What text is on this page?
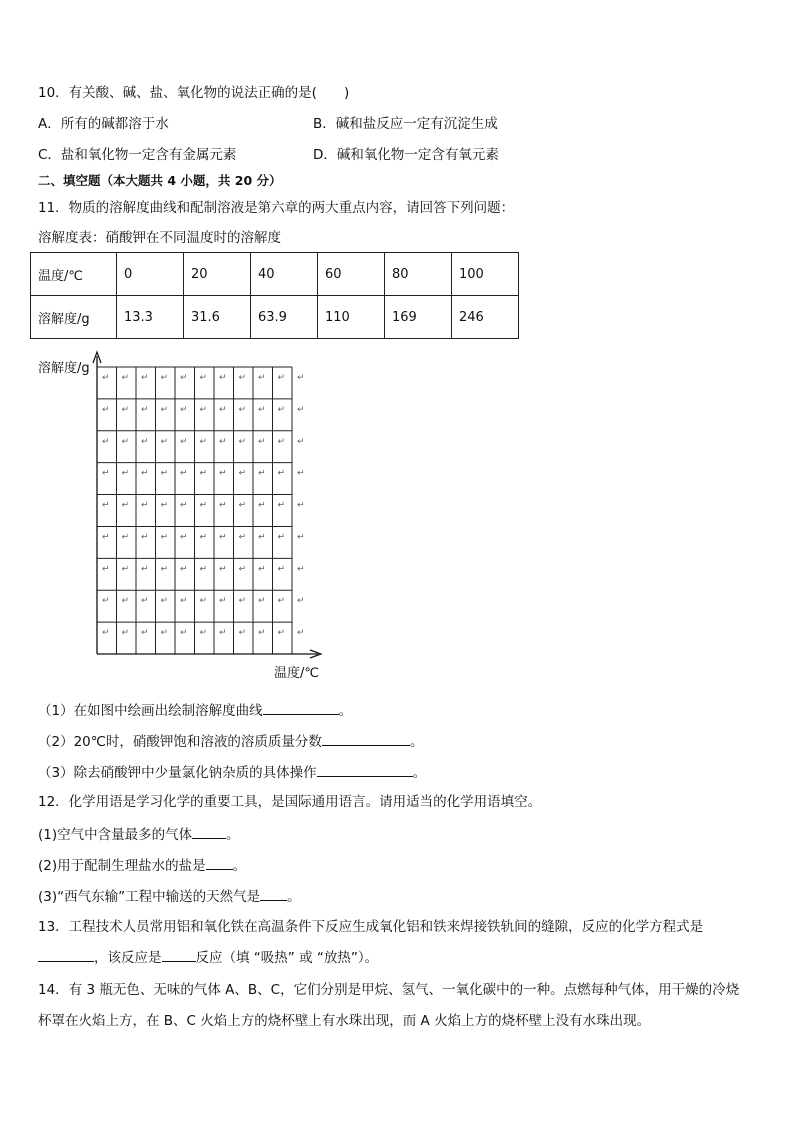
10．有关酸、碱、盐、氧化物的说法正确的是(　　)
A．所有的碱都溶于水	B．碱和盐反应一定有沉淀生成
C．盐和氧化物一定含有金属元素	D．碱和氧化物一定含有氧元素
二、填空题（本大题共 4 小题，共 20 分）
11．物质的溶解度曲线和配制溶液是第六章的两大重点内容，请回答下列问题：
溶解度表：硝酸钾在不同温度时的溶解度
温度/℃	0	20	40	60	80	100
溶解度/g	13.3	31.6	63.9	110	169	246
↵ ↵ ↵ ↵ ↵ ↵ ↵ ↵ ↵ ↵ ↵
↵ ↵ ↵ ↵ ↵ ↵ ↵ ↵ ↵ ↵ ↵
↵ ↵ ↵ ↵ ↵ ↵ ↵ ↵ ↵ ↵ ↵
↵ ↵ ↵ ↵ ↵ ↵ ↵ ↵ ↵ ↵ ↵
↵ ↵ ↵ ↵ ↵ ↵ ↵ ↵ ↵ ↵ ↵
↵ ↵ ↵ ↵ ↵ ↵ ↵ ↵ ↵ ↵ ↵
↵ ↵ ↵ ↵ ↵ ↵ ↵ ↵ ↵ ↵ ↵
↵ ↵ ↵ ↵ ↵ ↵ ↵ ↵ ↵ ↵ ↵
↵ ↵ ↵ ↵ ↵ ↵ ↵ ↵ ↵ ↵ ↵
溶解度/g
温度/℃
（1）在如图中绘画出绘制溶解度曲线	。
（2）20℃时，硝酸钾饱和溶液的溶质质量分数	。
（3）除去硝酸钾中少量氯化钠杂质的具体操作	。
12．化学用语是学习化学的重要工具，是国际通用语言。请用适当的化学用语填空。
(1)空气中含量最多的气体	。
(2)用于配制生理盐水的盐是 。
(3)“西气东输”工程中输送的天然气是 。
13．工程技术人员常用铝和氧化铁在高温条件下反应生成氧化铝和铁来焊接铁轨间的缝隙，反应的化学方程式是
，该反应是	反应（填 “吸热” 或 “放热”）。
14．有 3 瓶无色、无味的气体 A、B、C，它们分别是甲烷、氢气、一氧化碳中的一种。点燃每种气体，用干燥的冷烧
杯罩在火焰上方，在 B、C 火焰上方的烧杯壁上有水珠出现，而 A 火焰上方的烧杯壁上没有水珠出现。
